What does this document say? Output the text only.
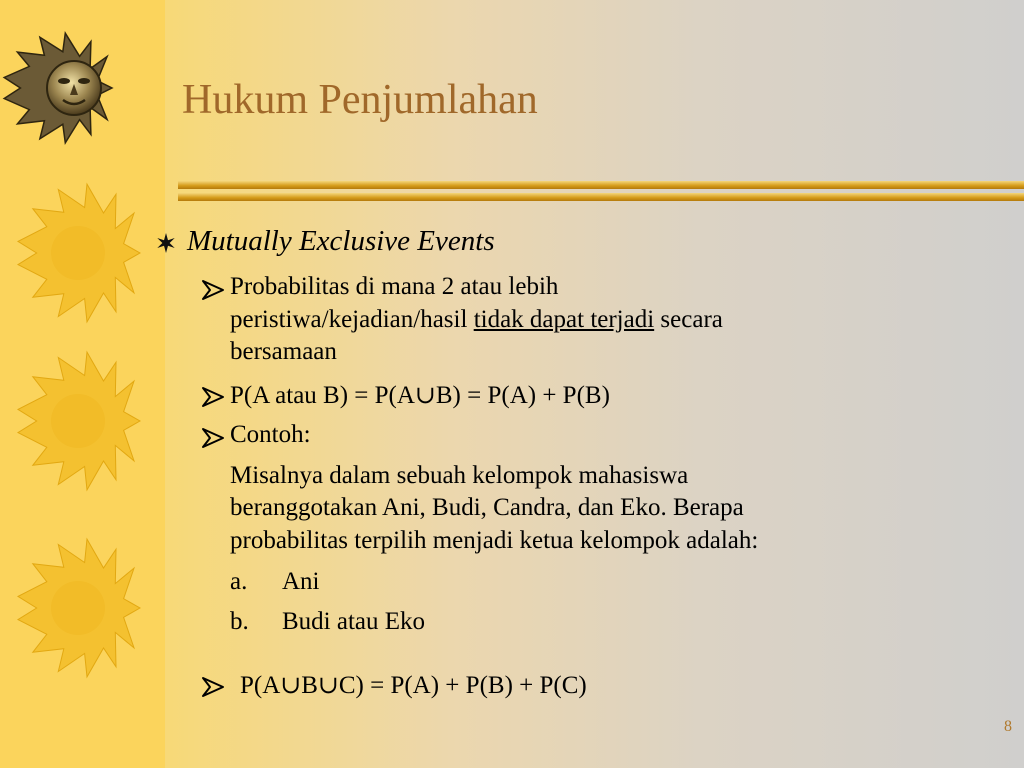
Hukum Penjumlahan
Mutually Exclusive Events
Probabilitas di mana 2 atau lebih
peristiwa/kejadian/hasil tidak dapat terjadi secara
bersamaan
P(A atau B) = P(A∪B) = P(A) + P(B)
Contoh:
Misalnya dalam sebuah kelompok mahasiswa
beranggotakan Ani, Budi, Candra, dan Eko. Berapa
probabilitas terpilih menjadi ketua kelompok adalah:
a. Ani
b. Budi atau Eko
P(A∪B∪C) = P(A) + P(B) + P(C)
8
